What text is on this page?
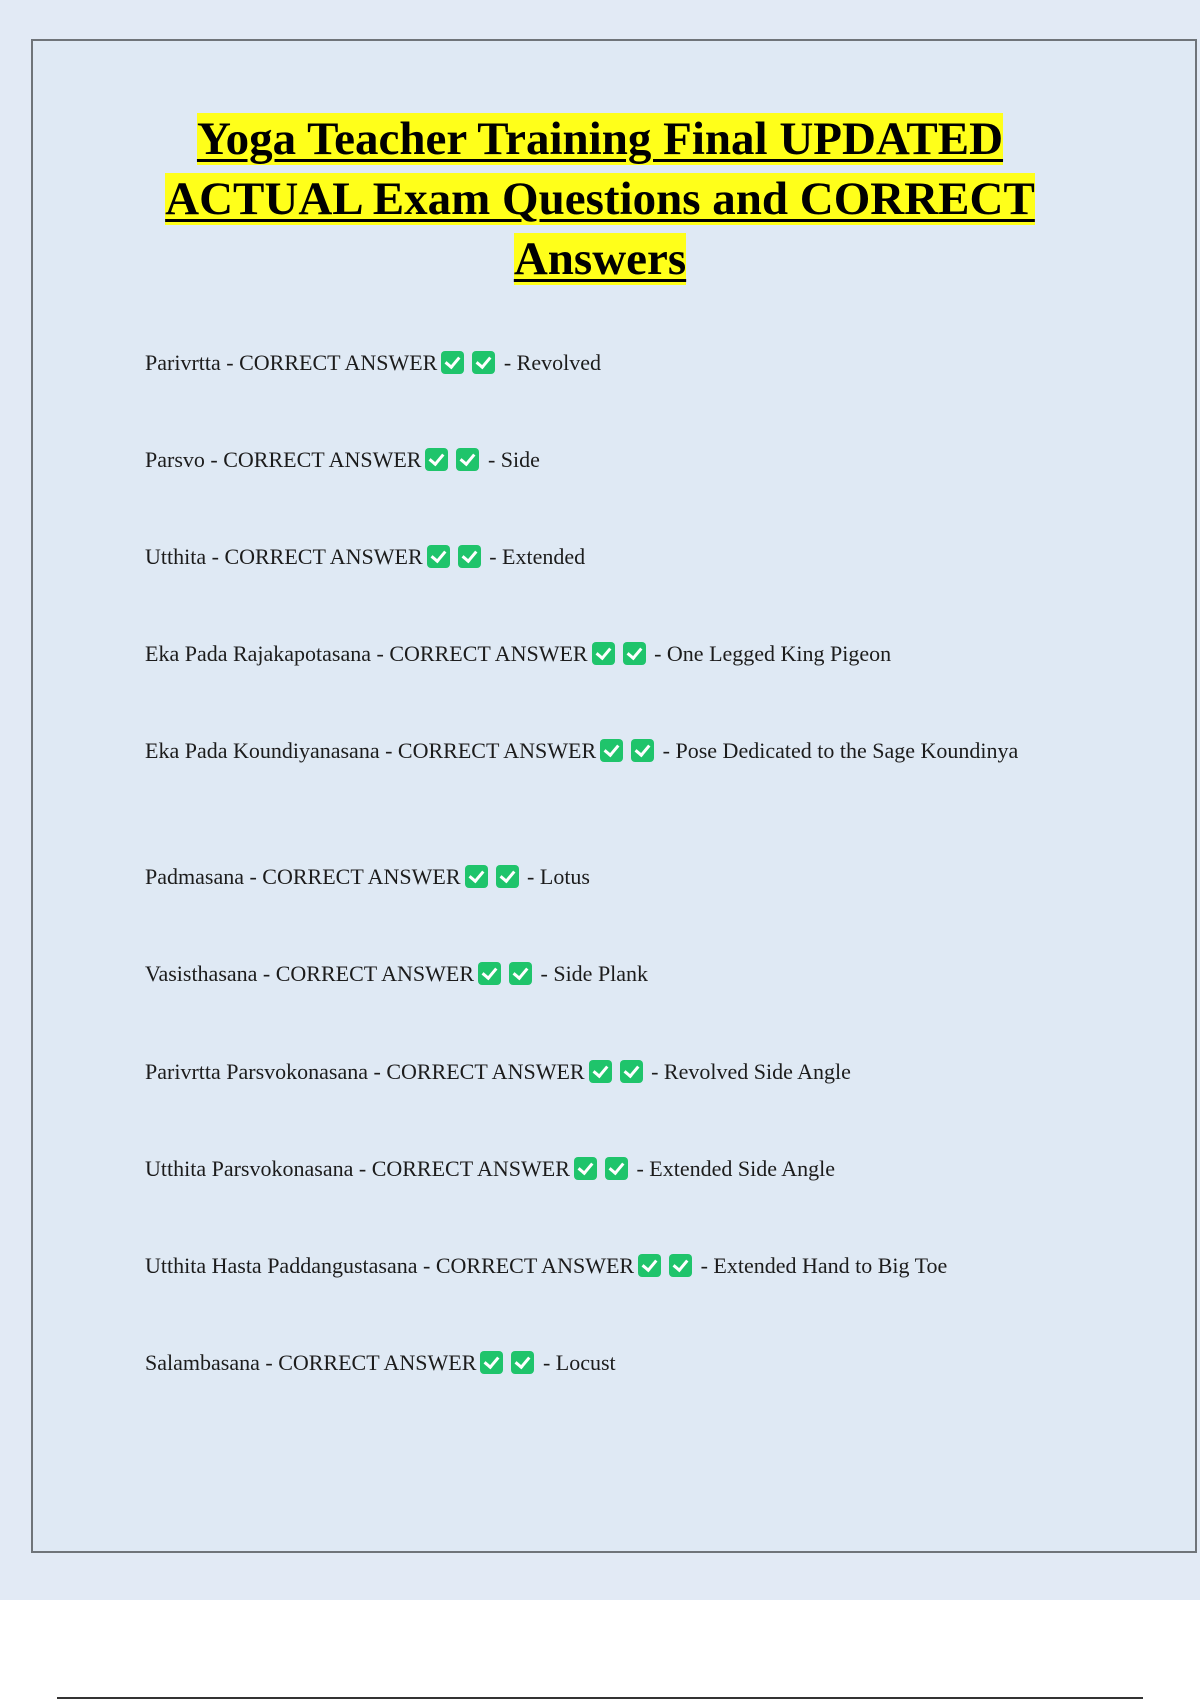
Yoga Teacher Training Final UPDATED ACTUAL Exam Questions and CORRECT Answers
Parivrtta - CORRECT ANSWER	- Revolved
Parsvo - CORRECT ANSWER	- Side
Utthita - CORRECT ANSWER	- Extended
Eka Pada Rajakapotasana - CORRECT ANSWER	- One Legged King Pigeon
Eka Pada Koundiyanasana - CORRECT ANSWER	- Pose Dedicated to the Sage Koundinya
Padmasana - CORRECT ANSWER	- Lotus
Vasisthasana - CORRECT ANSWER	- Side Plank
Parivrtta Parsvokonasana - CORRECT ANSWER	- Revolved Side Angle
Utthita Parsvokonasana - CORRECT ANSWER	- Extended Side Angle
Utthita Hasta Paddangustasana - CORRECT ANSWER	- Extended Hand to Big Toe
Salambasana - CORRECT ANSWER	- Locust
